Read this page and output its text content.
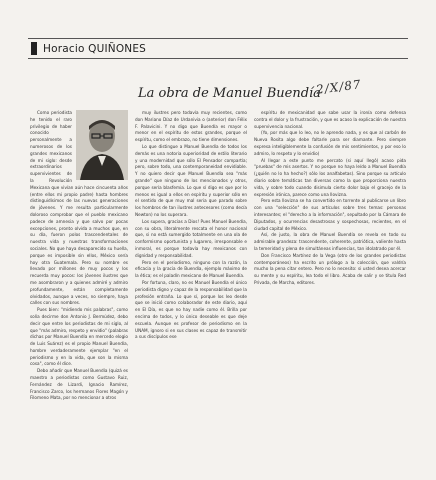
Horacio QUIÑONES
La obra de Manuel Buendía
2/X/87

Como periodista he tenido el raro privilegio de haber conocido personalmente a numerosos de los grandes mexicanos de mi siglo: desde extraordinarios supervivientes de la Revolución Mexicana que vivían aún hace cincuenta años (entre ellos mi propio padre) hasta hombres distinguidísimos de las nuevas generaciones de jóvenes. Y me resulta particularmente doloroso comprobar que el pueblo mexicano padece de amnesia y que salvo por pocas excepciones, pronto olvida a muchos que, en su día, fueron polos trascendentales de nuestra vida y nuestras transformaciones sociales. No que haya desaparecido su huella, porque es imposible sin ellos, México sería hoy otra Guatemala. Pero su nombre es llevado por millones de muy pocos y los recuerda muy pocos: los jóvenes ilustres que me asombraron y a quienes admiré y admiro profundamente, están completamente olvidados, aunque a veces, no siempre, haya calles con sus nombres.

Pues bien: "midiendo mis palabras", como solía decirme don Antonio J. Bermúdez, debo decir que entre los periodistas de mi siglo, al que "más admiro, respeto y envidio" (palabras dichas por Manuel Buendía en mercedo elogio de Luis Suárez) es el propio Manuel Buendía, hombre verdaderamente ejemplar "en el periodismo y en la vida, que son la misma cosa", como él dice.

Debo añadir que Manuel Buendía (quizá es maestro a periodistas como Gustavo Ruiz, Fernández de Lizardi, Ignacio Ramírez, Francisco Zarco, los hermanos Flores Magón y Filomeno Mata, por no mencionar a otros

muy ilustres pero todavía muy recientes, como don Mariano Díaz de Urdanivia o (anterior) don Félix F. Palavicini. Y no digo que Buendía es mayor o menor en el espíritu de estos grandes, porque el espíritu, como el embrazo, no tiene dimensiones.

Lo que distingue a Manuel Buendía de todos los demás es una notoria superioridad de estilo literario y una modernidad que sólo El Pensador compartía; pero, sobre todo, una contemporaneidad envidiable. Y no quiero decir que Manuel Buendía sea "más grande" que ninguno de los mencionados y otros, porque sería blasfemia. Lo que sí digo es que por lo menos es igual a ellos en espíritu y superior sólo en el sentido de que muy mal seria que parado sobre los hombros de tan ilustres antecesores (como decía Newton) no los superara.

Los supera, gracias a Dios! Pues Manuel Buendía, con su obra, literalmente rescata el honor nacional que, si no está sumergido totalmente en una ola de conformismo oportunista y lugarero, irresponsable e inmoral, es porque todavía hay mexicanos con dignidad y responsabilidad.

Pero en el periodismo, ninguno con la razón, la eficacia y la gracia de Buendía, ejemplo máximo de la ética; es el paladín mexicano de Manuel Buendía.

Por fortuna, claro, no es Manuel Buendía el único periodista digno y capaz de la responsabilidad que la profesión entraña. Lo que sí, porque los leo desde que se inició como colaborador de este diario, aquí en El Día, es que no hay nadie como él. Brilla por encima de todos, y lo único deseable es que deje escuela. Aunque es profesor de periodismo en la UNAM, ignoro si en sus clases es capaz de transmitir a sus discípulos ese

espíritu de mexicanidad que sabe usar la ironía como defensa contra el dolor y la frustración, y que es acaso la explicación de nuestra supervivencia nacional.

(Yo, por más que lo leo, no le aprendo nada, y es que al carbón de Nueva Rosita algo debe faltarle para ser diamante. Pero siempre expresa inteligiblemente la confusión de mis sentimientos, y por eso lo admiro, lo respeto y lo envidio)

Al llegar a este punto me percato (si aquí llegó) acaso pida "pruebas" de mis asertos. Y no porque no haya leído a Manuel Buendía (¿quién no lo ha hecho?) sólo los analfabetas). Sino porque su artículo diario sobre temáticas tan diversas como la que proporciona nuestra vida, y sobre todo cuando disimula cierto dolor bajo el gracejo de la expresión irónica, parece como una llovizna.

Pero esta llovizna se ha convertido en torrente al publicarse un libro con una "selección" de sus artículos sobre tres temas: personas interesantes; el "derecho a la información", sepultado por la Cámara de Diputados, y ocurrencias desastrosas y sospechosas, recientes, en el ciudad capital de México.

Así, de justo, la obra de Manuel Buendía se revela en todo su admirable grandeza: trascendente, coherente, patriótica, valiente hasta la temeridad y plena de simultáneas influencias, tan idolatrado por él.

Don Francisco Martínez de la Vega (otro de los grandes periodistas contemporáneos) ha escrito un prólogo a la colección, que valdría mucho la pena citar entero. Pero no lo necesito: si usted desea acercar su mente y su espíritu, lea todo el libro. Acaba de salir y se titula Red Privada, de Marcha, editores.
